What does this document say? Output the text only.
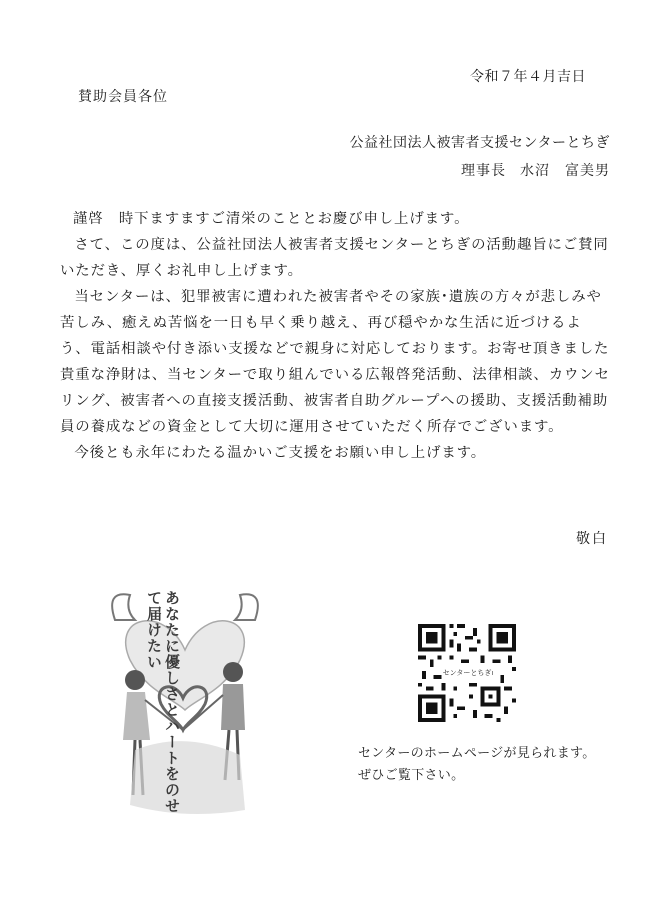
令和７年４月吉日
賛助会員各位
公益社団法人被害者支援センターとちぎ
理事長 水沼　富美男

謹啓　時下ますますご清栄のこととお慶び申し上げます。

さて、この度は、公益社団法人被害者支援センターとちぎの活動趣旨にご賛同いただき、厚くお礼申し上げます。

当センターは、犯罪被害に遭われた被害者やその家族･遺族の方々が悲しみや苦しみ、癒えぬ苦悩を一日も早く乗り越え、再び穏やかな生活に近づけるよう、電話相談や付き添い支援などで親身に対応しております。お寄せ頂きました貴重な浄財は、当センターで取り組んでいる広報啓発活動、法律相談、カウンセリング、被害者への直接支援活動、被害者自助グループへの援助、支援活動補助員の養成などの資金として大切に運用させていただく所存でございます。

今後とも永年にわたる温かいご支援をお願い申し上げます。

敬白
あなたに優しさとハートをのせて届けたい
センターとちぎ
センターのホームページが見られます。
ぜひご覧下さい。
